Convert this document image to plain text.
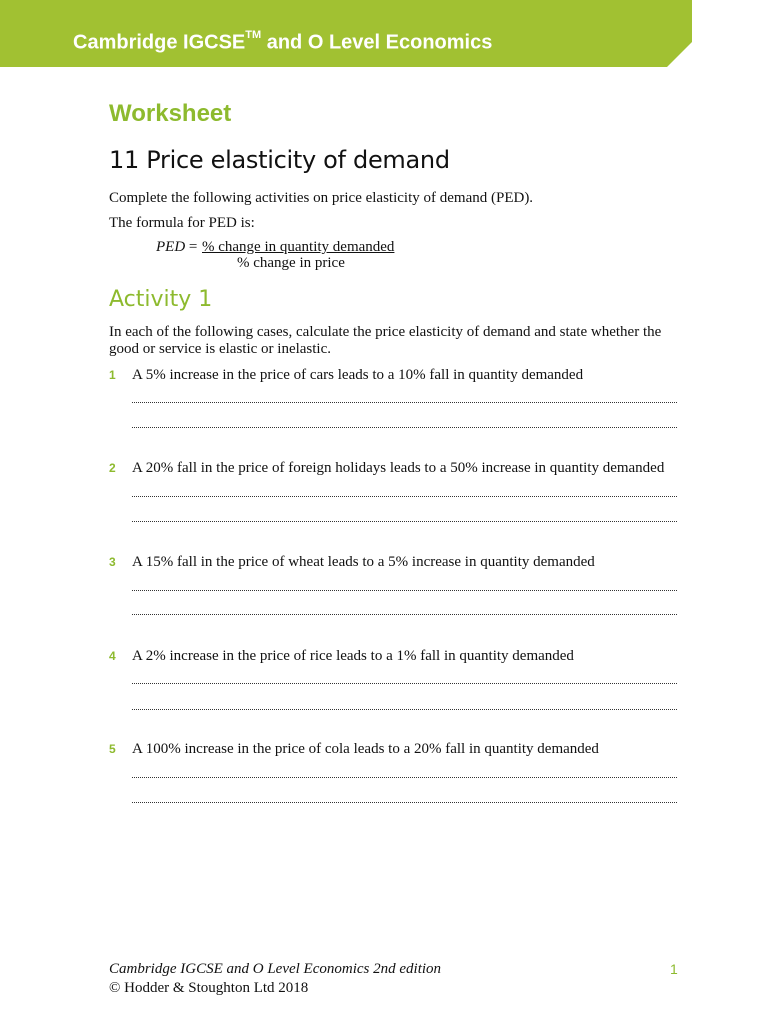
Cambridge IGCSE™ and O Level Economics
Worksheet
11 Price elasticity of demand
Complete the following activities on price elasticity of demand (PED).
The formula for PED is:
PED = % change in quantity demanded
% change in price
Activity 1
In each of the following cases, calculate the price elasticity of demand and state whether the good or service is elastic or inelastic.
1 A 5% increase in the price of cars leads to a 10% fall in quantity demanded
2 A 20% fall in the price of foreign holidays leads to a 50% increase in quantity demanded
3 A 15% fall in the price of wheat leads to a 5% increase in quantity demanded
4 A 2% increase in the price of rice leads to a 1% fall in quantity demanded
5 A 100% increase in the price of cola leads to a 20% fall in quantity demanded
Cambridge IGCSE and O Level Economics 2nd edition
© Hodder & Stoughton Ltd 2018
1
